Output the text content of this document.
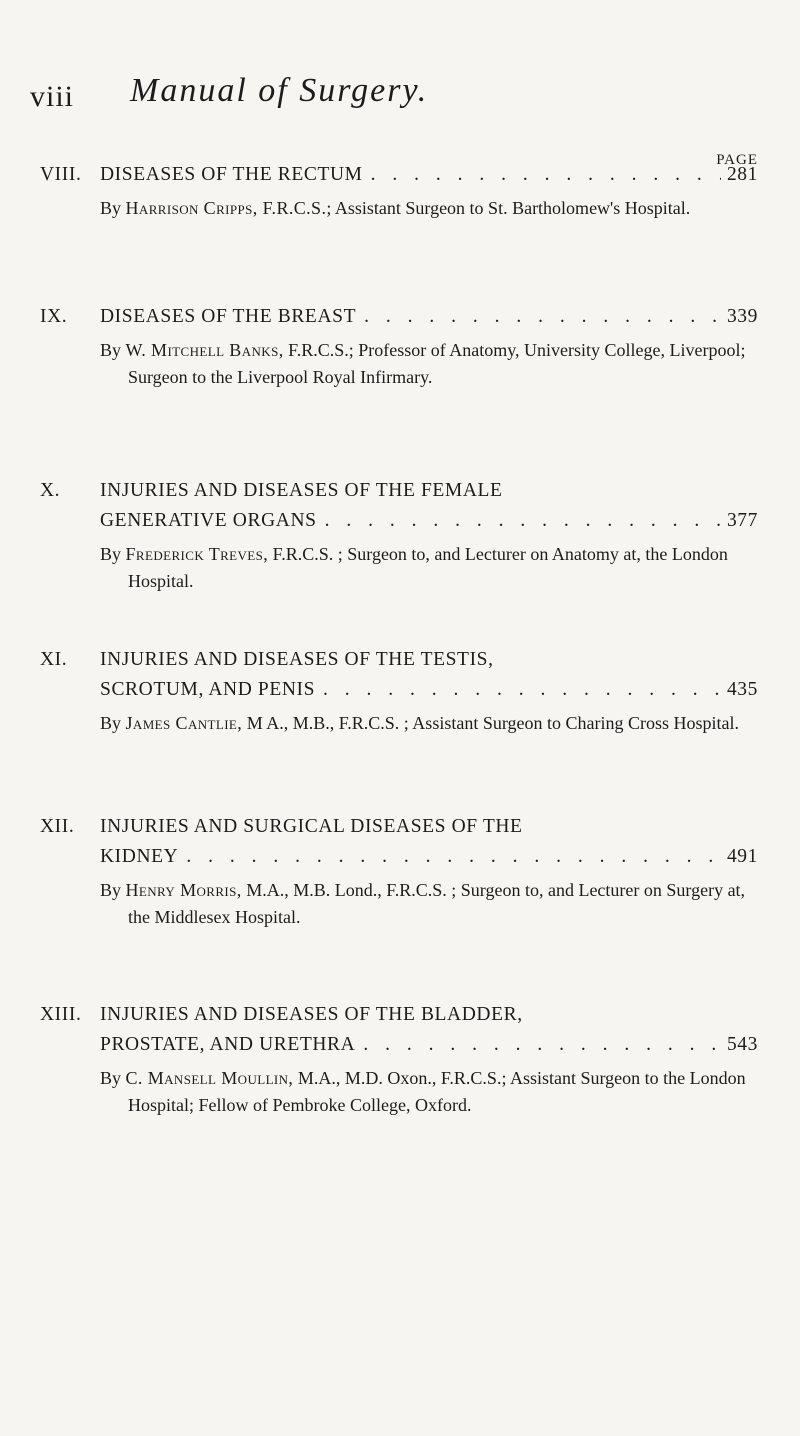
viii Manual of Surgery.
PAGE
VIII. DISEASES OF THE RECTUM . . .	281
By Harrison Cripps, F.R.C.S.; Assistant Surgeon to St. Bartholomew's Hospital.
IX.	DISEASES OF THE BREAST . . .	339
By W. Mitchell Banks, F.R.C.S.; Professor of Anatomy, University College, Liverpool; Surgeon to the Liverpool Royal Infirmary.
X.	INJURIES AND DISEASES OF THE FEMALE
GENERATIVE ORGANS . . .	377
By Frederick Treves, F.R.C.S. ; Surgeon to, and Lecturer on Anatomy at, the London Hospital.
XI.	INJURIES AND DISEASES OF THE TESTIS,
SCROTUM, AND PENIS . . .	435
By James Cantlie, M A., M.B., F.R.C.S. ; Assistant Surgeon to Charing Cross Hospital.
XII.	INJURIES AND SURGICAL DISEASES OF THE
KIDNEY . . .	491
By Henry Morris, M.A., M.B. Lond., F.R.C.S. ; Surgeon to, and Lecturer on Surgery at, the Middlesex Hospital.
XIII. INJURIES AND DISEASES OF THE BLADDER,
PROSTATE, AND URETHRA . . .	543
By C. Mansell Moullin, M.A., M.D. Oxon., F.R.C.S.; Assistant Surgeon to the London Hospital; Fellow of Pembroke College, Oxford.
